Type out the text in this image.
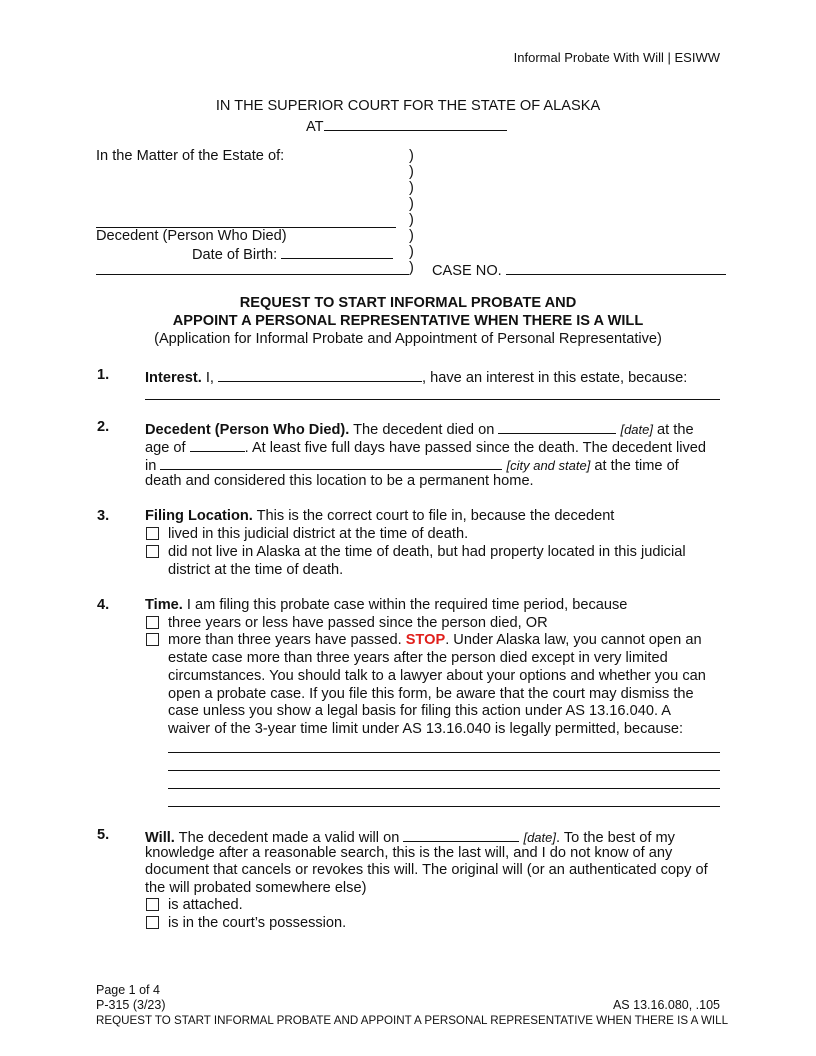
Informal Probate With Will | ESIWW
IN THE SUPERIOR COURT FOR THE STATE OF ALASKA
AT
In the Matter of the Estate of:
Decedent (Person Who Died)
Date of Birth:
)
)
)
)
)
)
)
) CASE NO.
REQUEST TO START INFORMAL PROBATE AND
APPOINT A PERSONAL REPRESENTATIVE WHEN THERE IS A WILL
(Application for Informal Probate and Appointment of Personal Representative)
1. Interest. I,	, have an interest in this estate, because:
2. Decedent (Person Who Died). The decedent died on	[date] at the
age of	. At least five full days have passed since the death. The decedent lived
in	[city and state] at the time of
death and considered this location to be a permanent home.
3. Filing Location. This is the correct court to file in, because the decedent
lived in this judicial district at the time of death.
did not live in Alaska at the time of death, but had property located in this judicial
district at the time of death.
4. Time. I am filing this probate case within the required time period, because
three years or less have passed since the person died, OR
more than three years have passed. STOP. Under Alaska law, you cannot open an
estate case more than three years after the person died except in very limited
circumstances. You should talk to a lawyer about your options and whether you can
open a probate case. If you file this form, be aware that the court may dismiss the
case unless you show a legal basis for filing this action under AS 13.16.040. A
waiver of the 3-year time limit under AS 13.16.040 is legally permitted, because:
5. Will. The decedent made a valid will on	[date]. To the best of my
knowledge after a reasonable search, this is the last will, and I do not know of any
document that cancels or revokes this will. The original will (or an authenticated copy of
the will probated somewhere else)
is attached.
is in the court’s possession.
Page 1 of 4
P-315 (3/23)	AS 13.16.080, .105
REQUEST TO START INFORMAL PROBATE AND APPOINT A PERSONAL REPRESENTATIVE WHEN THERE IS A WILL
